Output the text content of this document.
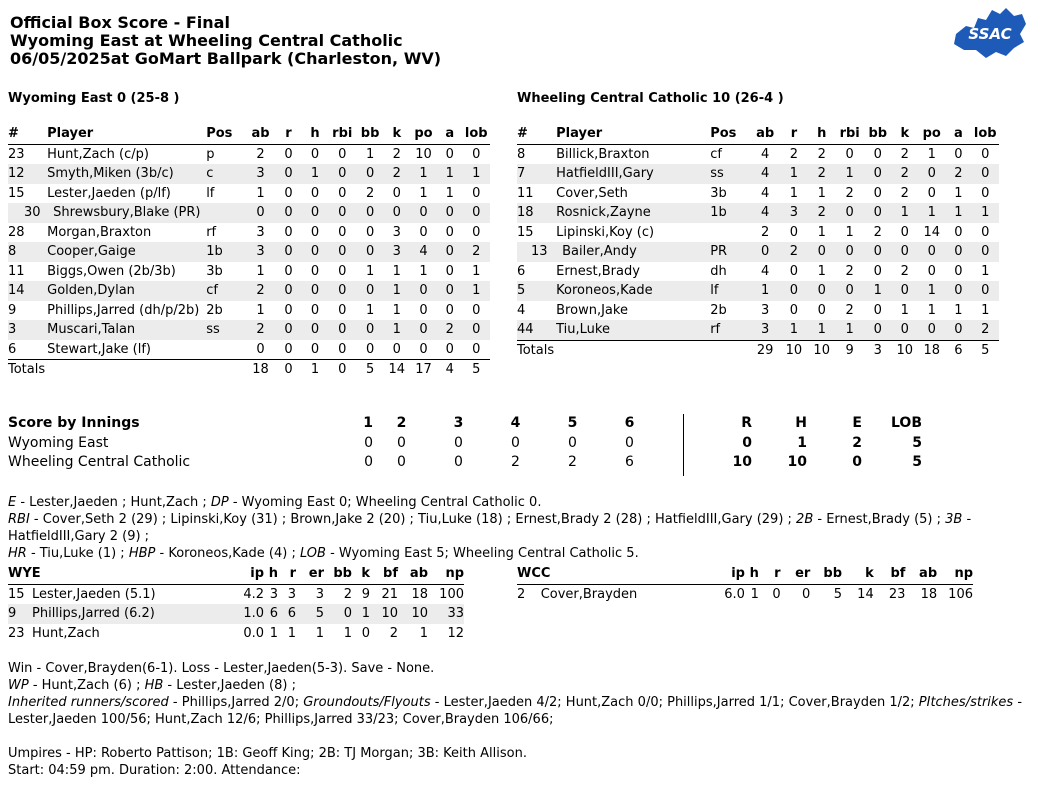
Official Box Score - Final
Wyoming East at Wheeling Central Catholic
06/05/2025at GoMart Ballpark (Charleston, WV)
SSAC
Wyoming East 0 (25-8 )	Wheeling Central Catholic 10 (26-4 )
#	Player	Pos	ab	r	h	rbi	bb	k	po	a	lob
23	Hunt,Zach (c/p)	p	2	0	0	0	1	2	10	0	0
12	Smyth,Miken (3b/c)	c	3	0	1	0	0	2	1	1	1
15	Lester,Jaeden (p/lf)	lf	1	0	0	0	2	0	1	1	0
30	Shrewsbury,Blake (PR)		0	0	0	0	0	0	0	0	0
28	Morgan,Braxton	rf	3	0	0	0	0	3	0	0	0
8	Cooper,Gaige	1b	3	0	0	0	0	3	4	0	2
11	Biggs,Owen (2b/3b)	3b	1	0	0	0	1	1	1	0	1
14	Golden,Dylan	cf	2	0	0	0	0	1	0	0	1
9	Phillips,Jarred (dh/p/2b)	2b	1	0	0	0	1	1	0	0	0
3	Muscari,Talan	ss	2	0	0	0	0	1	0	2	0
6	Stewart,Jake (lf)		0	0	0	0	0	0	0	0	0
Totals			18	0	1	0	5	14	17	4	5
#	Player	Pos	ab	r	h	rbi	bb	k	po	a	lob
8	Billick,Braxton	cf	4	2	2	0	0	2	1	0	0
7	HatfieldIII,Gary	ss	4	1	2	1	0	2	0	2	0
11	Cover,Seth	3b	4	1	1	2	0	2	0	1	0
18	Rosnick,Zayne	1b	4	3	2	0	0	1	1	1	1
15	Lipinski,Koy (c)		2	0	1	1	2	0	14	0	0
13	Bailer,Andy	PR	0	2	0	0	0	0	0	0	0
6	Ernest,Brady	dh	4	0	1	2	0	2	0	0	1
5	Koroneos,Kade	lf	1	0	0	0	1	0	1	0	0
4	Brown,Jake	2b	3	0	0	2	0	1	1	1	1
44	Tiu,Luke	rf	3	1	1	1	0	0	0	0	2
Totals			29	10	10	9	3	10	18	6	5
Score by Innings	1	2	3	4	5	6	R	H	E	LOB
Wyoming East	0	0	0	0	0	0	0	1	2	5
Wheeling Central Catholic	0	0	0	2	2	6	10	10	0	5
E - Lester,Jaeden ; Hunt,Zach ; DP - Wyoming East 0; Wheeling Central Catholic 0.
RBI - Cover,Seth 2 (29) ; Lipinski,Koy (31) ; Brown,Jake 2 (20) ; Tiu,Luke (18) ; Ernest,Brady 2 (28) ; HatfieldIII,Gary (29) ; 2B - Ernest,Brady (5) ; 3B - HatfieldIII,Gary 2 (9) ;
HR - Tiu,Luke (1) ; HBP - Koroneos,Kade (4) ; LOB - Wyoming East 5; Wheeling Central Catholic 5.
WYE		ip	h	r	er	bb	k	bf	ab	np
15	Lester,Jaeden (5.1)	4.2	3	3	3	2	9	21	18	100
9	Phillips,Jarred (6.2)	1.0	6	6	5	0	1	10	10	33
23	Hunt,Zach	0.0	1	1	1	1	0	2	1	12
WCC		ip	h	r	er	bb	k	bf	ab	np
2	Cover,Brayden	6.0	1	0	0	5	14	23	18	106
Win - Cover,Brayden(6-1). Loss - Lester,Jaeden(5-3). Save - None.
WP - Hunt,Zach (6) ; HB - Lester,Jaeden (8) ;
Inherited runners/scored - Phillips,Jarred 2/0; Groundouts/Flyouts - Lester,Jaeden 4/2; Hunt,Zach 0/0; Phillips,Jarred 1/1; Cover,Brayden 1/2; PItches/strikes - Lester,Jaeden 100/56; Hunt,Zach 12/6; Phillips,Jarred 33/23; Cover,Brayden 106/66;
Umpires - HP: Roberto Pattison; 1B: Geoff King; 2B: TJ Morgan; 3B: Keith Allison.
Start: 04:59 pm. Duration: 2:00. Attendance:
